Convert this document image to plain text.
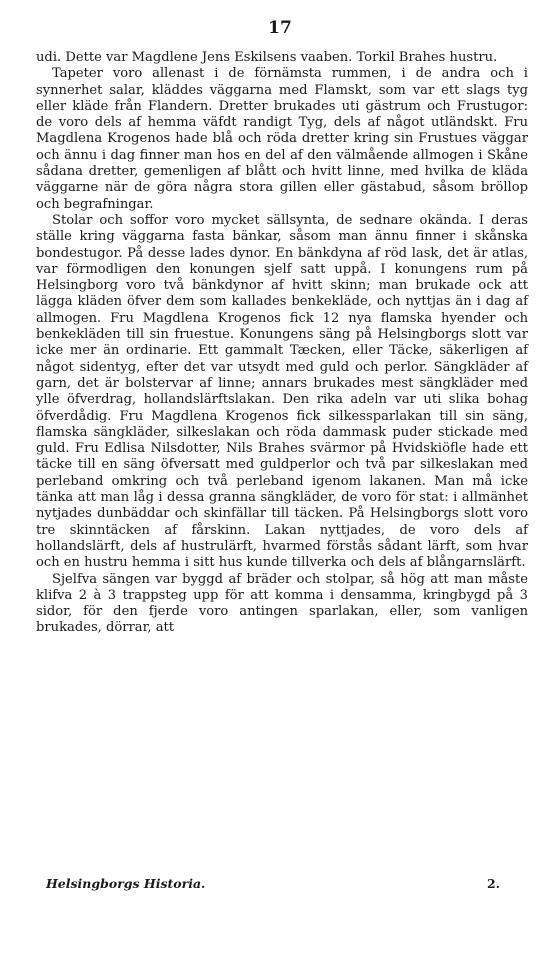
17

udi. Dette var Magdlene Jens Eskilsens vaaben. Torkil Brahes hustru.

Tapeter voro allenast i de förnämsta rummen, i de andra och i synnerhet salar, kläddes väggarna med Flamskt, som var ett slags tyg eller kläde från Flandern. Dretter brukades uti gästrum och Frustugor: de voro dels af hemma väfdt randigt Tyg, dels af något utländskt. Fru Magdlena Krogenos hade blå och röda dretter kring sin Frustues väggar och ännu i dag finner man hos en del af den välmående allmogen i Skåne sådana dretter, gemenligen af blått och hvitt linne, med hvilka de kläda väggarne när de göra några stora gillen eller gästabud, såsom bröllop och begrafningar.

Stolar och soffor voro mycket sällsynta, de sednare okända. I deras ställe kring väggarna fasta bänkar, såsom man ännu finner i skånska bondestugor. På desse lades dynor. En bänkdyna af röd lask, det är atlas, var förmodligen den konungen sjelf satt uppå. I konungens rum på Helsingborg voro två bänkdynor af hvitt skinn; man brukade ock att lägga kläden öfver dem som kallades benkekläde, och nyttjas än i dag af allmogen. Fru Magdlena Krogenos fick 12 nya flamska hyender och benkekläden till sin fruestue. Konungens säng på Helsingborgs slott var icke mer än ordinarie. Ett gammalt Tæcken, eller Täcke, säkerligen af något sidentyg, efter det var utsydt med guld och perlor. Sängkläder af garn, det är bolstervar af linne; annars brukades mest sängkläder med ylle öfverdrag, hollandslärftslakan. Den rika adeln var uti slika bohag öfverdådig. Fru Magdlena Krogenos fick silkessparlakan till sin säng, flamska sängkläder, silkeslakan och röda dammask puder stickade med guld. Fru Edlisa Nilsdotter, Nils Brahes svärmor på Hvidskiöfle hade ett täcke till en säng öfversatt med guldperlor och två par silkeslakan med perleband omkring och två perleband igenom lakanen. Man må icke tänka att man låg i dessa granna sängkläder, de voro för stat: i allmänhet nytjades dunbäddar och skinfällar till täcken. På Helsingborgs slott voro tre skinntäcken af fårskinn. Lakan nyttjades, de voro dels af hollandslärft, dels af hustrulärft, hvarmed förstås sådant lärft, som hvar och en hustru hemma i sitt hus kunde tillverka och dels af blångarnslärft.

Sjelfva sängen var byggd af bräder och stolpar, så hög att man måste klifva 2 à 3 trappsteg upp för att komma i densamma, kringbygd på 3 sidor, för den fjerde voro antingen sparlakan, eller, som vanligen brukades, dörrar, att

Helsingborgs Historia.	2.
